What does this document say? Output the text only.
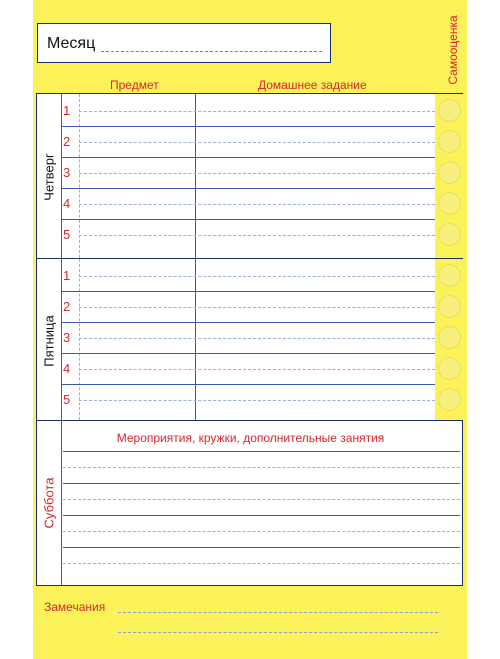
Месяц	Самооценка
Предмет	Домашнее задание
Четверг
1
2
3
4
5
Пятница
1
2
3
4
5
Суббота
Мероприятия, кружки, дополнительные занятия
Замечания
